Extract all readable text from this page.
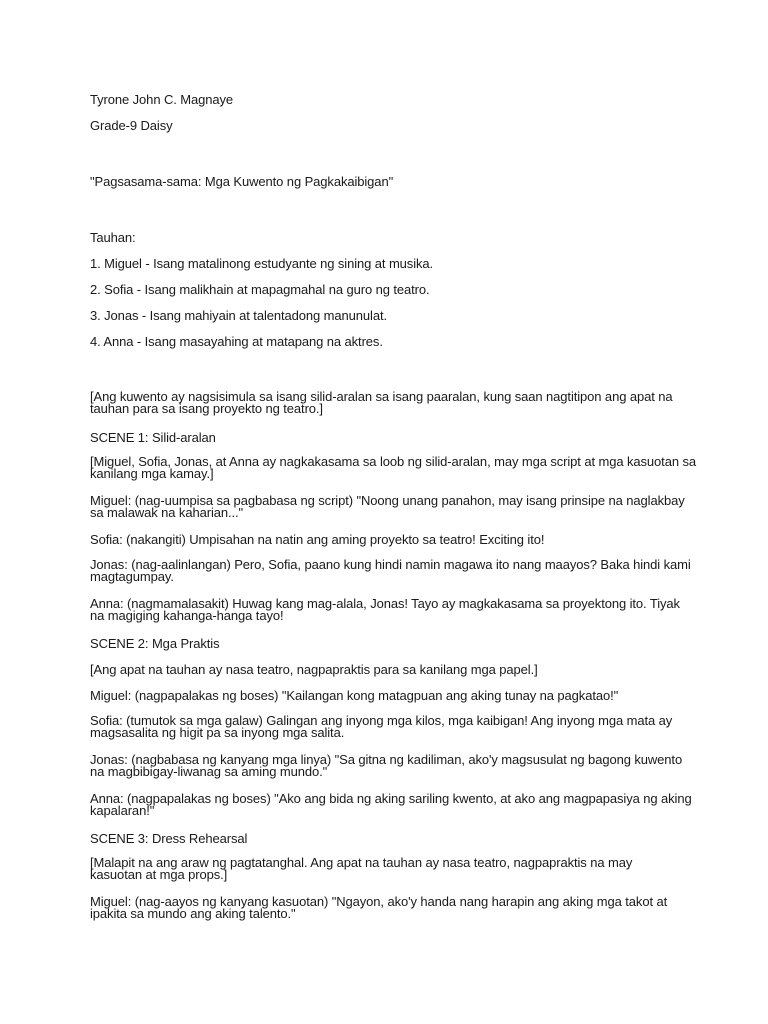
Tyrone John C. Magnaye
Grade-9 Daisy
"Pagsasama-sama: Mga Kuwento ng Pagkakaibigan"
Tauhan:
1. Miguel - Isang matalinong estudyante ng sining at musika.
2. Sofia - Isang malikhain at mapagmahal na guro ng teatro.
3. Jonas - Isang mahiyain at talentadong manunulat.
4. Anna - Isang masayahing at matapang na aktres.
[Ang kuwento ay nagsisimula sa isang silid-aralan sa isang paaralan, kung saan nagtitipon ang apat na
tauhan para sa isang proyekto ng teatro.]
SCENE 1: Silid-aralan
[Miguel, Sofia, Jonas, at Anna ay nagkakasama sa loob ng silid-aralan, may mga script at mga kasuotan sa
kanilang mga kamay.]
Miguel: (nag-uumpisa sa pagbabasa ng script) "Noong unang panahon, may isang prinsipe na naglakbay
sa malawak na kaharian..."
Sofia: (nakangiti) Umpisahan na natin ang aming proyekto sa teatro! Exciting ito!
Jonas: (nag-aalinlangan) Pero, Sofia, paano kung hindi namin magawa ito nang maayos? Baka hindi kami
magtagumpay.
Anna: (nagmamalasakit) Huwag kang mag-alala, Jonas! Tayo ay magkakasama sa proyektong ito. Tiyak
na magiging kahanga-hanga tayo!
SCENE 2: Mga Praktis
[Ang apat na tauhan ay nasa teatro, nagpapraktis para sa kanilang mga papel.]
Miguel: (nagpapalakas ng boses) "Kailangan kong matagpuan ang aking tunay na pagkatao!"
Sofia: (tumutok sa mga galaw) Galingan ang inyong mga kilos, mga kaibigan! Ang inyong mga mata ay
magsasalita ng higit pa sa inyong mga salita.
Jonas: (nagbabasa ng kanyang mga linya) "Sa gitna ng kadiliman, ako'y magsusulat ng bagong kuwento
na magbibigay-liwanag sa aming mundo."
Anna: (nagpapalakas ng boses) "Ako ang bida ng aking sariling kwento, at ako ang magpapasiya ng aking
kapalaran!"
SCENE 3: Dress Rehearsal
[Malapit na ang araw ng pagtatanghal. Ang apat na tauhan ay nasa teatro, nagpapraktis na may
kasuotan at mga props.]
Miguel: (nag-aayos ng kanyang kasuotan) "Ngayon, ako'y handa nang harapin ang aking mga takot at
ipakita sa mundo ang aking talento."
